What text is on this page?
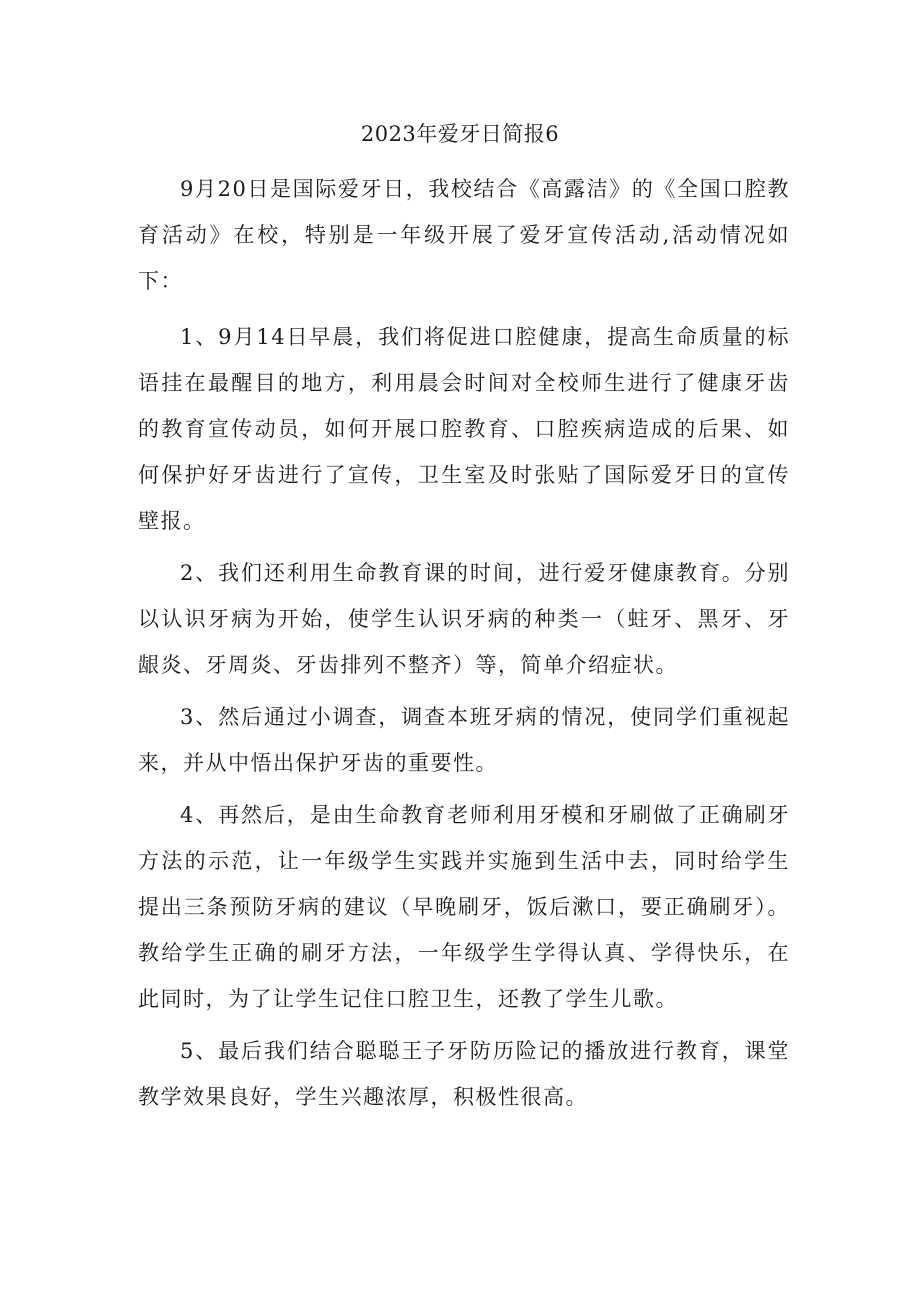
2023年爱牙日简报6

9月20日是国际爱牙日，我校结合《高露洁》的《全国口腔教育活动》在校，特别是一年级开展了爱牙宣传活动,活动情况如下：

1、9月14日早晨，我们将促进口腔健康，提高生命质量的标语挂在最醒目的地方，利用晨会时间对全校师生进行了健康牙齿的教育宣传动员，如何开展口腔教育、口腔疾病造成的后果、如何保护好牙齿进行了宣传，卫生室及时张贴了国际爱牙日的宣传壁报。

2、我们还利用生命教育课的时间，进行爱牙健康教育。分别以认识牙病为开始，使学生认识牙病的种类一（蛀牙、黑牙、牙龈炎、牙周炎、牙齿排列不整齐）等，简单介绍症状。

3、然后通过小调查，调查本班牙病的情况，使同学们重视起来，并从中悟出保护牙齿的重要性。

4、再然后，是由生命教育老师利用牙模和牙刷做了正确刷牙方法的示范，让一年级学生实践并实施到生活中去，同时给学生提出三条预防牙病的建议（早晚刷牙，饭后漱口，要正确刷牙）。教给学生正确的刷牙方法，一年级学生学得认真、学得快乐，在此同时，为了让学生记住口腔卫生，还教了学生儿歌。

5、最后我们结合聪聪王子牙防历险记的播放进行教育，课堂教学效果良好，学生兴趣浓厚，积极性很高。
